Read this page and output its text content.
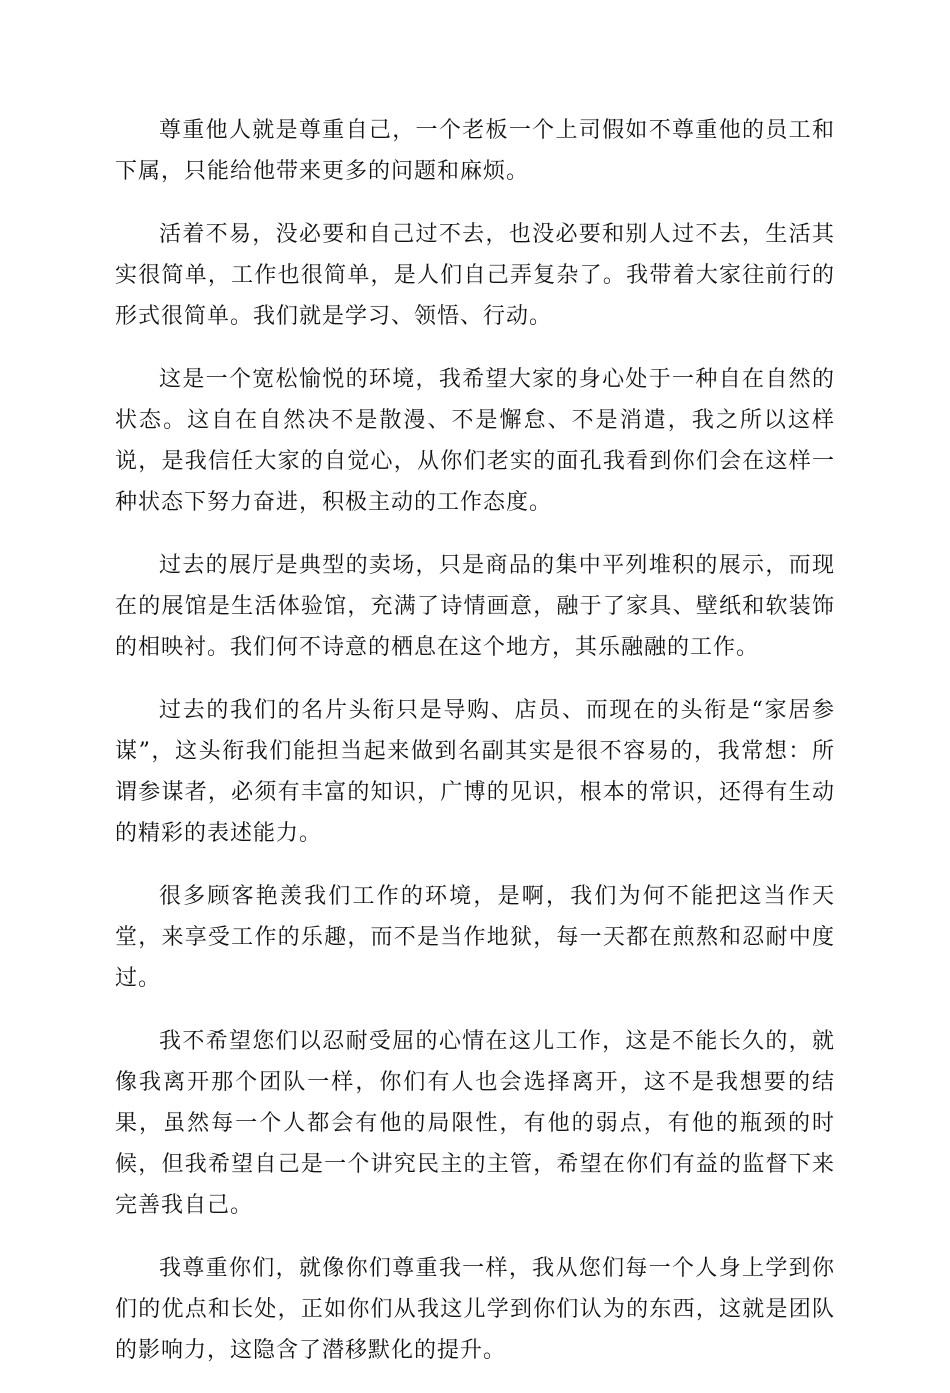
尊重他人就是尊重自己，一个老板一个上司假如不尊重他的员工和下属，只能给他带来更多的问题和麻烦。

活着不易，没必要和自己过不去，也没必要和别人过不去，生活其实很简单，工作也很简单，是人们自己弄复杂了。我带着大家往前行的形式很简单。我们就是学习、领悟、行动。

这是一个宽松愉悦的环境，我希望大家的身心处于一种自在自然的状态。这自在自然决不是散漫、不是懈怠、不是消遣，我之所以这样说，是我信任大家的自觉心，从你们老实的面孔我看到你们会在这样一种状态下努力奋进，积极主动的工作态度。

过去的展厅是典型的卖场，只是商品的集中平列堆积的展示，而现在的展馆是生活体验馆，充满了诗情画意，融于了家具、壁纸和软装饰的相映衬。我们何不诗意的栖息在这个地方，其乐融融的工作。

过去的我们的名片头衔只是导购、店员、而现在的头衔是“家居参谋”，这头衔我们能担当起来做到名副其实是很不容易的，我常想：所谓参谋者，必须有丰富的知识，广博的见识，根本的常识，还得有生动的精彩的表述能力。

很多顾客艳羡我们工作的环境，是啊，我们为何不能把这当作天堂，来享受工作的乐趣，而不是当作地狱，每一天都在煎熬和忍耐中度过。

我不希望您们以忍耐受屈的心情在这儿工作，这是不能长久的，就像我离开那个团队一样，你们有人也会选择离开，这不是我想要的结果，虽然每一个人都会有他的局限性，有他的弱点，有他的瓶颈的时候，但我希望自己是一个讲究民主的主管，希望在你们有益的监督下来完善我自己。

我尊重你们，就像你们尊重我一样，我从您们每一个人身上学到你们的优点和长处，正如你们从我这儿学到你们认为的东西，这就是团队的影响力，这隐含了潜移默化的提升。
